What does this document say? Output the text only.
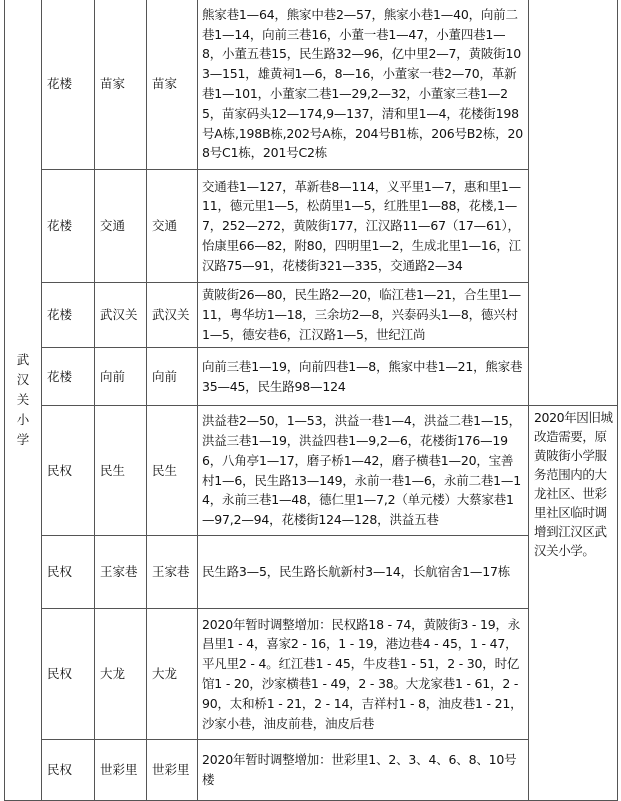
武汉关小学	花楼	苗家	苗家	熊家巷1—64，熊家中巷2—57，熊家小巷1—40，向前二巷1—14，向前三巷16，小董一巷1—47，小董四巷1—8，小董五巷15，民生路32—96，亿中里2—7，黄陂街103—151，雄黄祠1—6，8—16，小董家一巷2—70，革新巷1—101，小董家二巷1—29,2—32，小董家三巷1—25，苗家码头12—174,9—137，清和里1—4，花楼街198号A栋,198B栋,202号A栋，204号B1栋，206号B2栋，208号C1栋，201号C2栋	
	花楼	交通	交通	交通巷1—127，革新巷8—114，义平里1—7，惠和里1—11，德元里1—5，松荫里1—5，红胜里1—88，花楼,1—7，252—272，黄陂街177，江汉路11—67（17—61），怡康里66—82，附80，四明里1—2，生成北里1—16，江汉路75—91，花楼街321—335，交通路2—34	
	花楼	武汉关	武汉关	黄陂街26—80，民生路2—20，临江巷1—21，合生里1—11，粤华坊1—18，三余坊2—8，兴泰码头1—8，德兴村1—5，德安巷6，江汉路1—5，世纪江尚	
	花楼	向前	向前	向前三巷1—19，向前四巷1—8，熊家中巷1—21，熊家巷35—45，民生路98—124	
	民权	民生	民生	洪益巷2—50，1—53，洪益一巷1—4，洪益二巷1—15，洪益三巷1—19，洪益四巷1—9,2—6，花楼街176—196，八角亭1—17，磨子桥1—42，磨子横巷1—20，宝善村1—6，民生路13—149，永前一巷1—6，永前二巷1—14，永前三巷1—48，德仁里1—7,2（单元楼）大蔡家巷1—97,2—94，花楼街124—128，洪益五巷	2020年因旧城改造需要，原黄陂街小学服务范围内的大龙社区、世彩里社区临时调增到江汉区武汉关小学。
	民权	王家巷	王家巷	民生路3—5，民生路长航新村3—14，长航宿舍1—17栋	
	民权	大龙	大龙	2020年暂时调整增加：民权路18 - 74，黄陂街3 - 19，永昌里1 - 4，喜家2 - 16，1 - 19，港边巷4 - 45，1 - 47，平凡里2 - 4。红江巷1 - 45，牛皮巷1 - 51，2 - 30，时亿馆1 - 20，沙家横巷1 - 49，2 - 38。大龙家巷1 - 61，2 - 90，太和桥1 - 21，2 - 14，吉祥村1 - 8，油皮巷1 - 21，沙家小巷，油皮前巷，油皮后巷	
	民权	世彩里	世彩里	2020年暂时调整增加：世彩里1、2、3、4、6、8、10号楼	
